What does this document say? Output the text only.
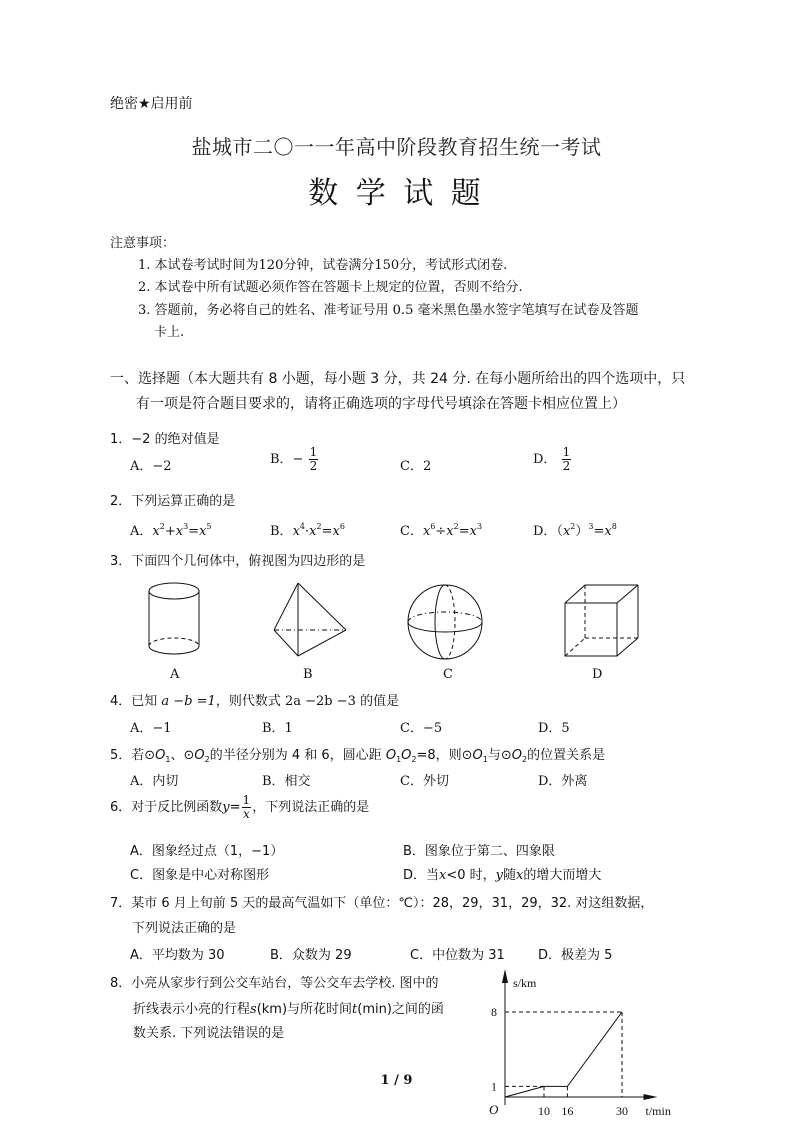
绝密★启用前
盐城市二〇一一年高中阶段教育招生统一考试
数 学 试 题
注意事项：
1. 本试卷考试时间为120分钟，试卷满分150分，考试形式闭卷.
2. 本试卷中所有试题必须作答在答题卡上规定的位置，否则不给分.
3. 答题前，务必将自己的姓名、准考证号用 0.5 毫米黑色墨水签字笔填写在试卷及答题
卡上.
一、选择题（本大题共有 8 小题，每小题 3 分，共 24 分. 在每小题所给出的四个选项中，只
有一项是符合题目要求的，请将正确选项的字母代号填涂在答题卡相应位置上）
1．−2 的绝对值是
A．−2	B．− $\frac{1}{2}$	C．2	D． $\frac{1}{2}$
2．下列运算正确的是
A．$x^2+x^3=x^5$	B．$x^4\cdot x^2=x^6$	C．$x^6\div x^2=x^3$	D．$(x^2)^3=x^8$
3．下面四个几何体中，俯视图为四边形的是
A	B	C	D
4．已知 a −b =1，则代数式 2a −2b −3 的值是
A．−1	B．1	C．−5	D．5
5．若$⊙O_1$、$⊙O_2$的半径分别为 4 和 6，圆心距 $O_1O_2=8$，则$⊙O_1$与$⊙O_2$的位置关系是
A．内切	B．相交	C．外切	D．外离
6．对于反比例函数$y= \frac{1}{x}$ ，下列说法正确的是
A．图象经过点（1，−1）	B．图象位于第二、四象限
C．图象是中心对称图形	D．当x<0 时，y随x的增大而增大
7．某市 6 月上旬前 5 天的最高气温如下（单位：℃）：28，29，31，29，32. 对这组数据，
下列说法正确的是
A．平均数为 30	B．众数为 29	C．中位数为 31	D．极差为 5
8．小亮从家步行到公交车站台，等公交车去学校. 图中的
折线表示小亮的行程s(km)与所花时间t(min)之间的函
数关系. 下列说法错误的是
10 16	30
1
8
O	t/min
s/km
1 / 9
